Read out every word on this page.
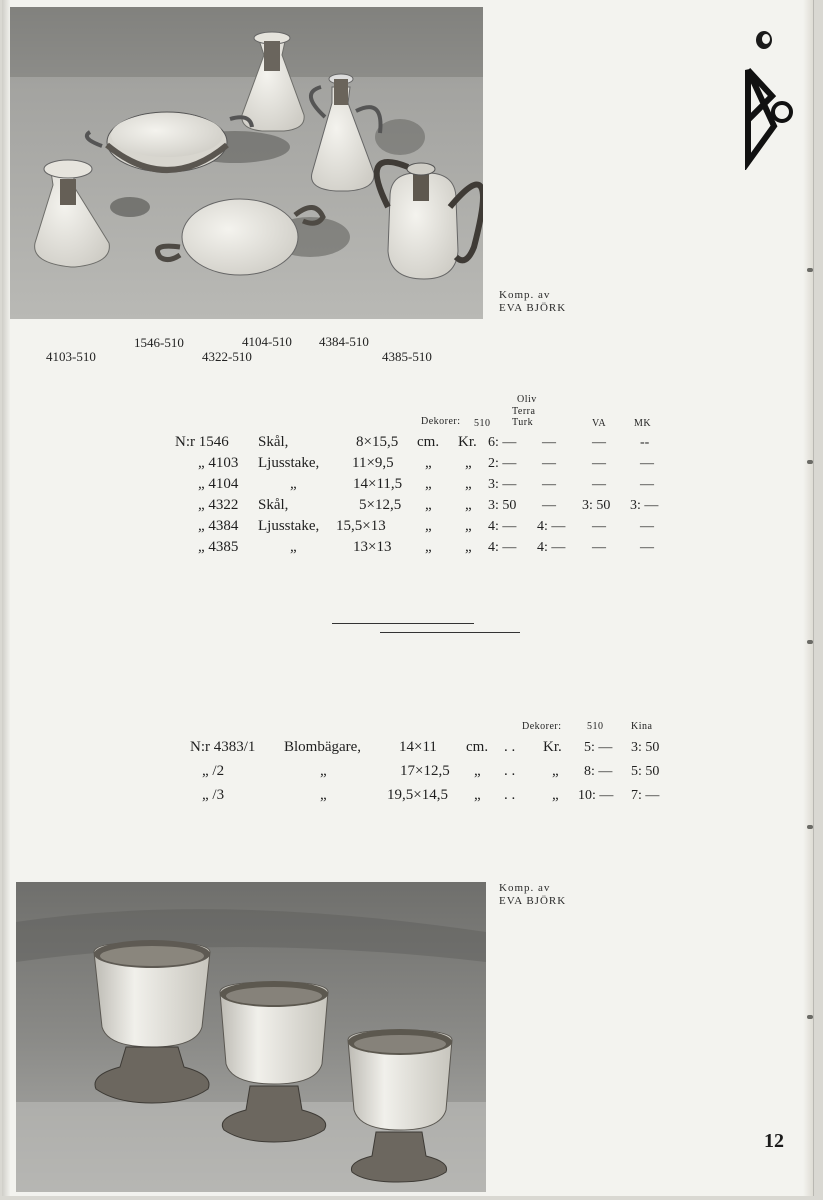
Komp. av
EVA BJÖRK
4103-510
1546-510	4104-510 4384-510
4322-510	4385-510
Oliv
Terra
Turk
Dekorer: 510	VA	MK
N:r 1546 Skål,	8×15,5 cm. Kr. 6: — —	— --
„ 4103 Ljusstake, 11×9,5 „ „ 2: — —	— —
„ 4104	„	14×11,5 „ „ 3: — —	— —
„ 4322 Skål,	5×12,5 „ „ 3: 50 — 3: 50 3: —
„ 4384 Ljusstake, 15,5×13	„ „ 4: — 4: — — —
„ 4385	„	13×13 „ „ 4: — 4: — — —
Dekorer:	510	Kina
N:r 4383/1 Blombägare,	14×11 cm. . . Kr. 5: — 3: 50
„ /2	„	17×12,5 „ . . „ 8: — 5: 50
„ /3	„	19,5×14,5 „ . . „ 10: — 7: —
Komp. av
EVA BJÖRK
12
